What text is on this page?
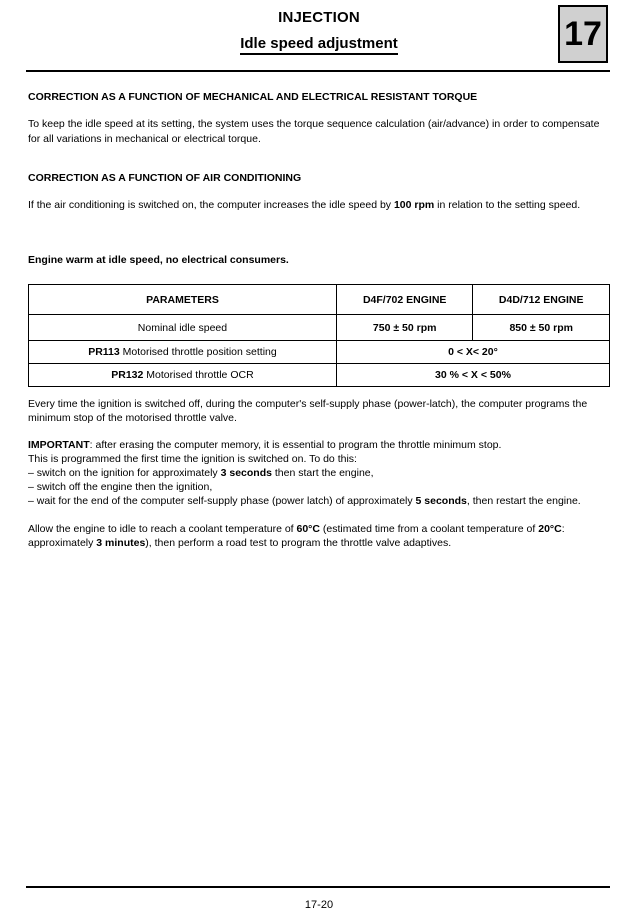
INJECTION
Idle speed adjustment	17
CORRECTION AS A FUNCTION OF MECHANICAL AND ELECTRICAL RESISTANT TORQUE
To keep the idle speed at its setting, the system uses the torque sequence calculation (air/advance) in order to compensate for all variations in mechanical or electrical torque.
CORRECTION AS A FUNCTION OF AIR CONDITIONING
If the air conditioning is switched on, the computer increases the idle speed by 100 rpm in relation to the setting speed.
Engine warm at idle speed, no electrical consumers.
PARAMETERS	D4F/702 ENGINE	D4D/712 ENGINE
Nominal idle speed	750 ± 50 rpm	850 ± 50 rpm
PR113 Motorised throttle position setting	0 < X< 20°	
PR132 Motorised throttle OCR	30 % < X < 50%	
Every time the ignition is switched off, during the computer's self-supply phase (power-latch), the computer programs the minimum stop of the motorised throttle valve.
IMPORTANT: after erasing the computer memory, it is essential to program the throttle minimum stop.
This is programmed the first time the ignition is switched on. To do this:
– switch on the ignition for approximately 3 seconds then start the engine,
– switch off the engine then the ignition,
– wait for the end of the computer self-supply phase (power latch) of approximately 5 seconds, then restart the engine.
Allow the engine to idle to reach a coolant temperature of 60°C (estimated time from a coolant temperature of 20°C: approximately 3 minutes), then perform a road test to program the throttle valve adaptives.
17-20
